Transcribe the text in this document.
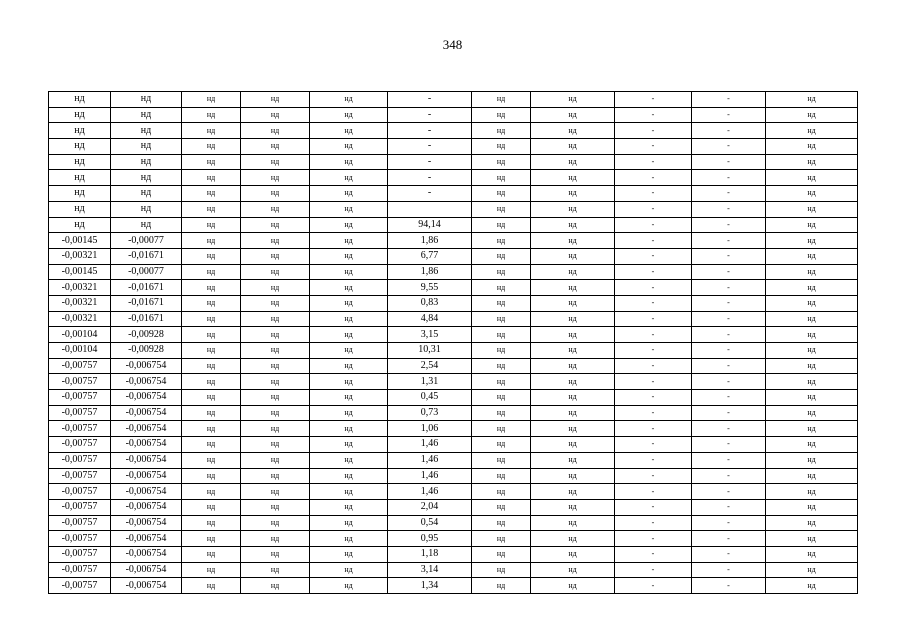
348
нд	нд	нд	нд	нд	-	нд	нд	-	-	нд
нд	нд	нд	нд	нд	-	нд	нд	-	-	нд
нд	нд	нд	нд	нд	-	нд	нд	-	-	нд
нд	нд	нд	нд	нд	-	нд	нд	-	-	нд
нд	нд	нд	нд	нд	-	нд	нд	-	-	нд
нд	нд	нд	нд	нд	-	нд	нд	-	-	нд
нд	нд	нд	нд	нд	-	нд	нд	-	-	нд
нд	нд	нд	нд	нд		нд	нд	-	-	нд
нд	нд	нд	нд	нд	94,14	нд	нд	-	-	нд
-0,00145	-0,00077	нд	нд	нд	1,86	нд	нд	-	-	нд
-0,00321	-0,01671	нд	нд	нд	6,77	нд	нд	-	-	нд
-0,00145	-0,00077	нд	нд	нд	1,86	нд	нд	-	-	нд
-0,00321	-0,01671	нд	нд	нд	9,55	нд	нд	-	-	нд
-0,00321	-0,01671	нд	нд	нд	0,83	нд	нд	-	-	нд
-0,00321	-0,01671	нд	нд	нд	4,84	нд	нд	-	-	нд
-0,00104	-0,00928	нд	нд	нд	3,15	нд	нд	-	-	нд
-0,00104	-0,00928	нд	нд	нд	10,31	нд	нд	-	-	нд
-0,00757	-0,006754	нд	нд	нд	2,54	нд	нд	-	-	нд
-0,00757	-0,006754	нд	нд	нд	1,31	нд	нд	-	-	нд
-0,00757	-0,006754	нд	нд	нд	0,45	нд	нд	-	-	нд
-0,00757	-0,006754	нд	нд	нд	0,73	нд	нд	-	-	нд
-0,00757	-0,006754	нд	нд	нд	1,06	нд	нд	-	-	нд
-0,00757	-0,006754	нд	нд	нд	1,46	нд	нд	-	-	нд
-0,00757	-0,006754	нд	нд	нд	1,46	нд	нд	-	-	нд
-0,00757	-0,006754	нд	нд	нд	1,46	нд	нд	-	-	нд
-0,00757	-0,006754	нд	нд	нд	1,46	нд	нд	-	-	нд
-0,00757	-0,006754	нд	нд	нд	2,04	нд	нд	-	-	нд
-0,00757	-0,006754	нд	нд	нд	0,54	нд	нд	-	-	нд
-0,00757	-0,006754	нд	нд	нд	0,95	нд	нд	-	-	нд
-0,00757	-0,006754	нд	нд	нд	1,18	нд	нд	-	-	нд
-0,00757	-0,006754	нд	нд	нд	3,14	нд	нд	-	-	нд
-0,00757	-0,006754	нд	нд	нд	1,34	нд	нд	-	-	нд
